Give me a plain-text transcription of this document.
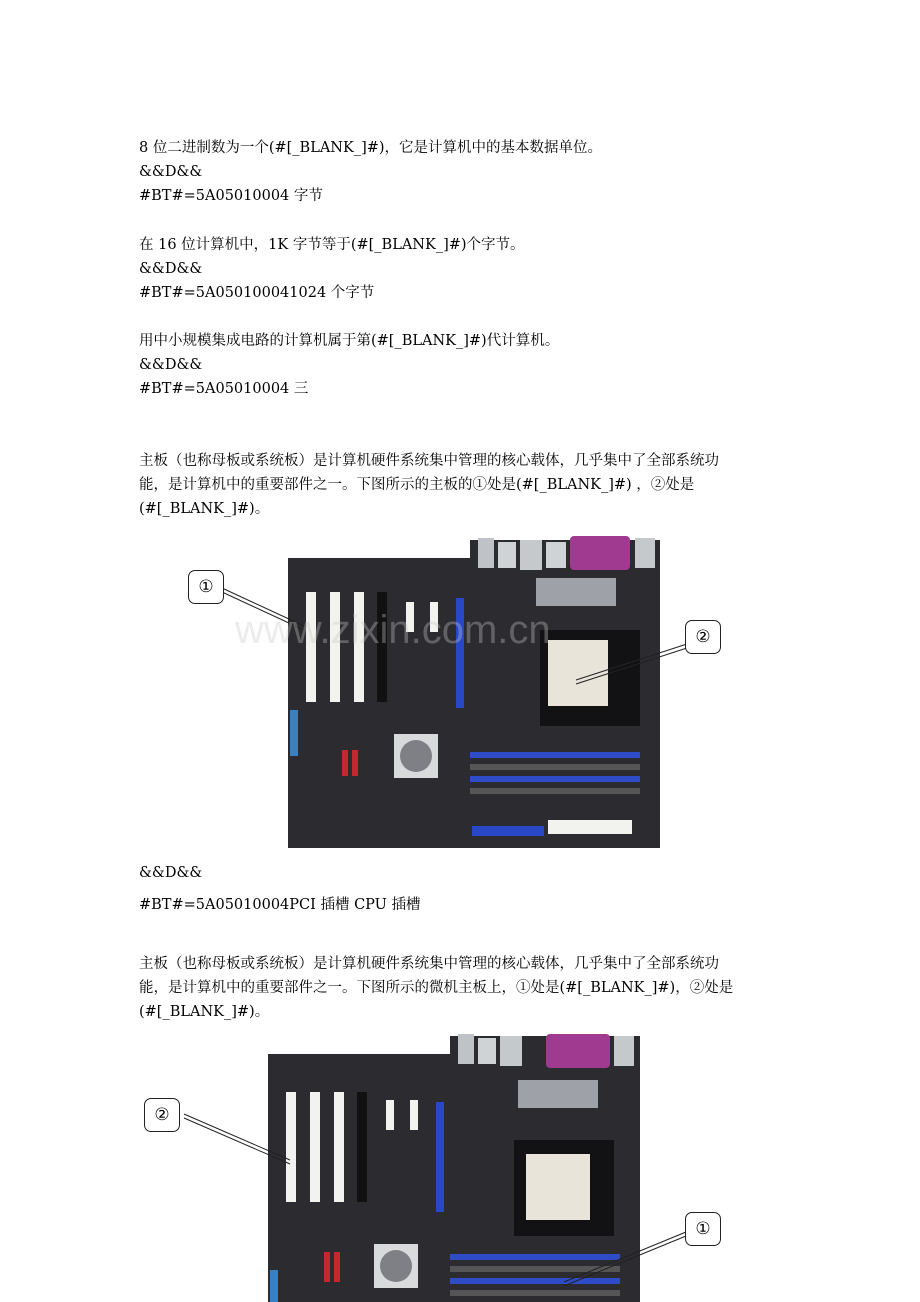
8 位二进制数为一个(#[_BLANK_]#)，它是计算机中的基本数据单位。
&&D&&
#BT#=5A05010004 字节
在 16 位计算机中，1K 字节等于(#[_BLANK_]#)个字节。
&&D&&
#BT#=5A050100041024 个字节
用中小规模集成电路的计算机属于第(#[_BLANK_]#)代计算机。
&&D&&
#BT#=5A05010004 三
主板（也称母板或系统板）是计算机硬件系统集中管理的核心载体，几乎集中了全部系统功
能，是计算机中的重要部件之一。下图所示的主板的①处是(#[_BLANK_]#) ，②处是
(#[_BLANK_]#)。
①
②
www.zixin.com.cn
&&D&&
#BT#=5A05010004PCI 插槽 CPU 插槽
主板（也称母板或系统板）是计算机硬件系统集中管理的核心载体，几乎集中了全部系统功
能，是计算机中的重要部件之一。下图所示的微机主板上，①处是(#[_BLANK_]#)，②处是
(#[_BLANK_]#)。
②
①
